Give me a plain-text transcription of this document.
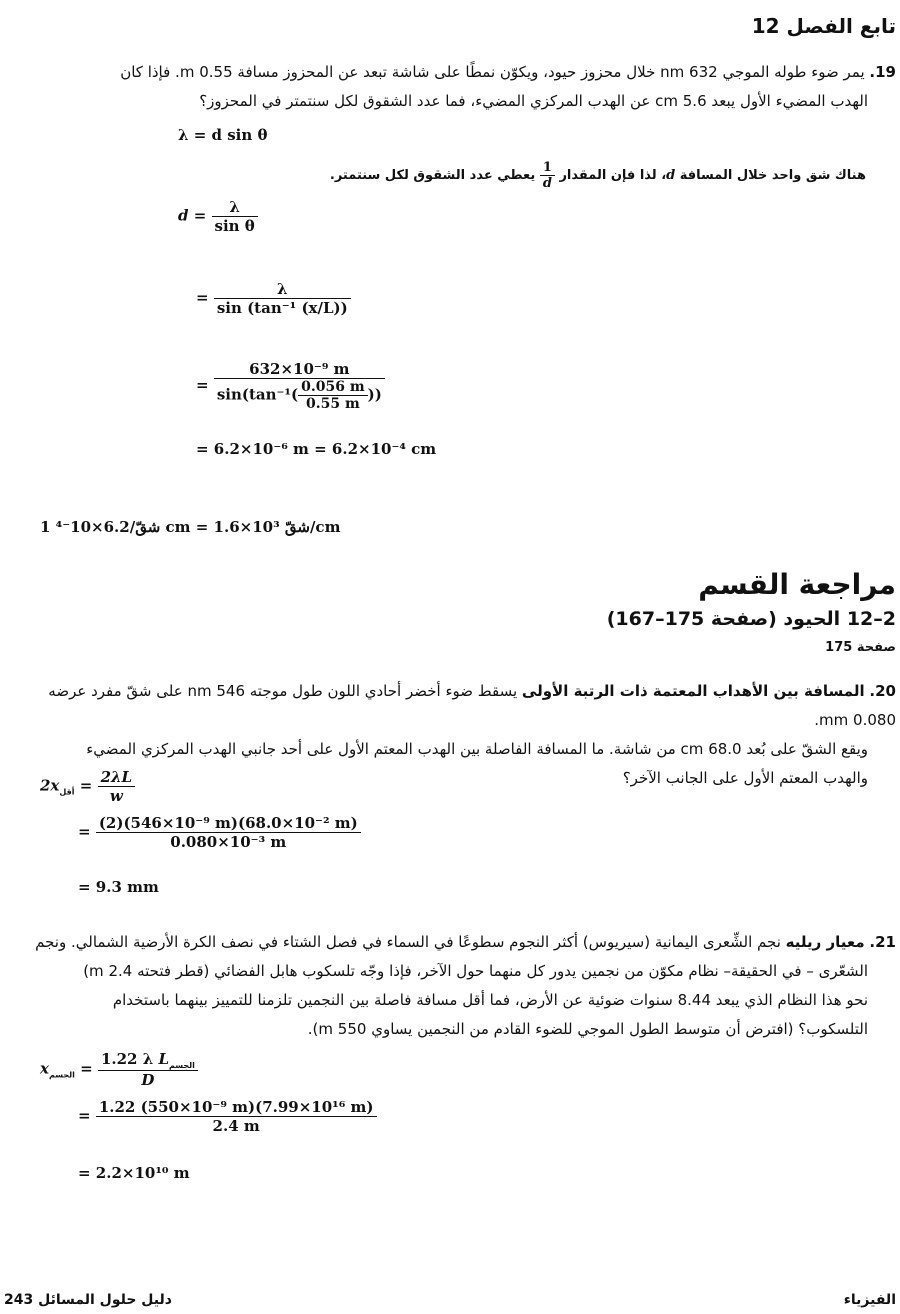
تابع الفصل 12
19. يمر ضوء طوله الموجي 632 nm خلال محزوز حيود، ويكوّن نمطًا على شاشة تبعد عن المحزوز مسافة 0.55 m. فإذا كان
الهدب المضيء الأول يبعد 5.6 cm عن الهدب المركزي المضيء، فما عدد الشقوق لكل سنتمتر في المحزوز؟
λ = d sin θ
هناك شق واحد خلال المسافة d، لذا فإن المقدار
$\frac{1}{d}$
يعطي عدد الشقوق لكل سنتمتر.
$d = \frac{\lambda}{\text{sin θ}}$
= $\frac{\lambda}{\text{sin (tan⁻¹ (x/L))}}$
= $\frac{\text{632×10⁻⁹ m}}{\sin(\tan^{-1}( \frac{0.056 m}{0.55 m} ))}$
= 6.2×10⁻⁶ m = 6.2×10⁻⁴ cm
1 شقّ/6.2×10⁻⁴ cm = 1.6×10³ شقّ/cm
مراجعة القسم
2–12 الحيود (صفحة 175–167)
صفحة 175
20. المسافة بين الأهداب المعتمة ذات الرتبة الأولى يسقط ضوء أخضر أحادي اللون طول موجته 546 nm على شقّ مفرد عرضه 0.080 mm.
ويقع الشقّ على بُعد 68.0 cm من شاشة. ما المسافة الفاصلة بين الهدب المعتم الأول على أحد جانبي الهدب المركزي المضيء
والهدب المعتم الأول على الجانب الآخر؟
$2x_{أقل} = \frac{2\lambda L}{w}$
= $\frac{\text{(2)(546×10⁻⁹ m)(68.0×10⁻² m)}}{\text{0.080×10⁻³ m}}$
= 9.3 mm
21. معيار ريليه نجم الشِّعرى اليمانية (سيريوس) أكثر النجوم سطوعًا في السماء في فصل الشتاء في نصف الكرة الأرضية الشمالي. ونجم
الشعّرى – في الحقيقة– نظام مكوّن من نجمين يدور كل منهما حول الآخر، فإذا وجّه تلسكوب هابل الفضائي (قطر فتحته 2.4 m)
نحو هذا النظام الذي يبعد 8.44 سنوات ضوئية عن الأرض، فما أقل مسافة فاصلة بين النجمين تلزمنا للتمييز بينهما باستخدام
التلسكوب؟ (افترض أن متوسط الطول الموجي للضوء القادم من النجمين يساوي 550 m).
$x_{الجسم} = \frac{1.22 \lambda L_{الجسم}}{D}$
= $\frac{\text{1.22 (550×10⁻⁹ m)(7.99×10¹⁶ m)}}{2.4 m}$
= 2.2×10¹⁰ m
243 دليل حلول المسائل	الفيزياء
